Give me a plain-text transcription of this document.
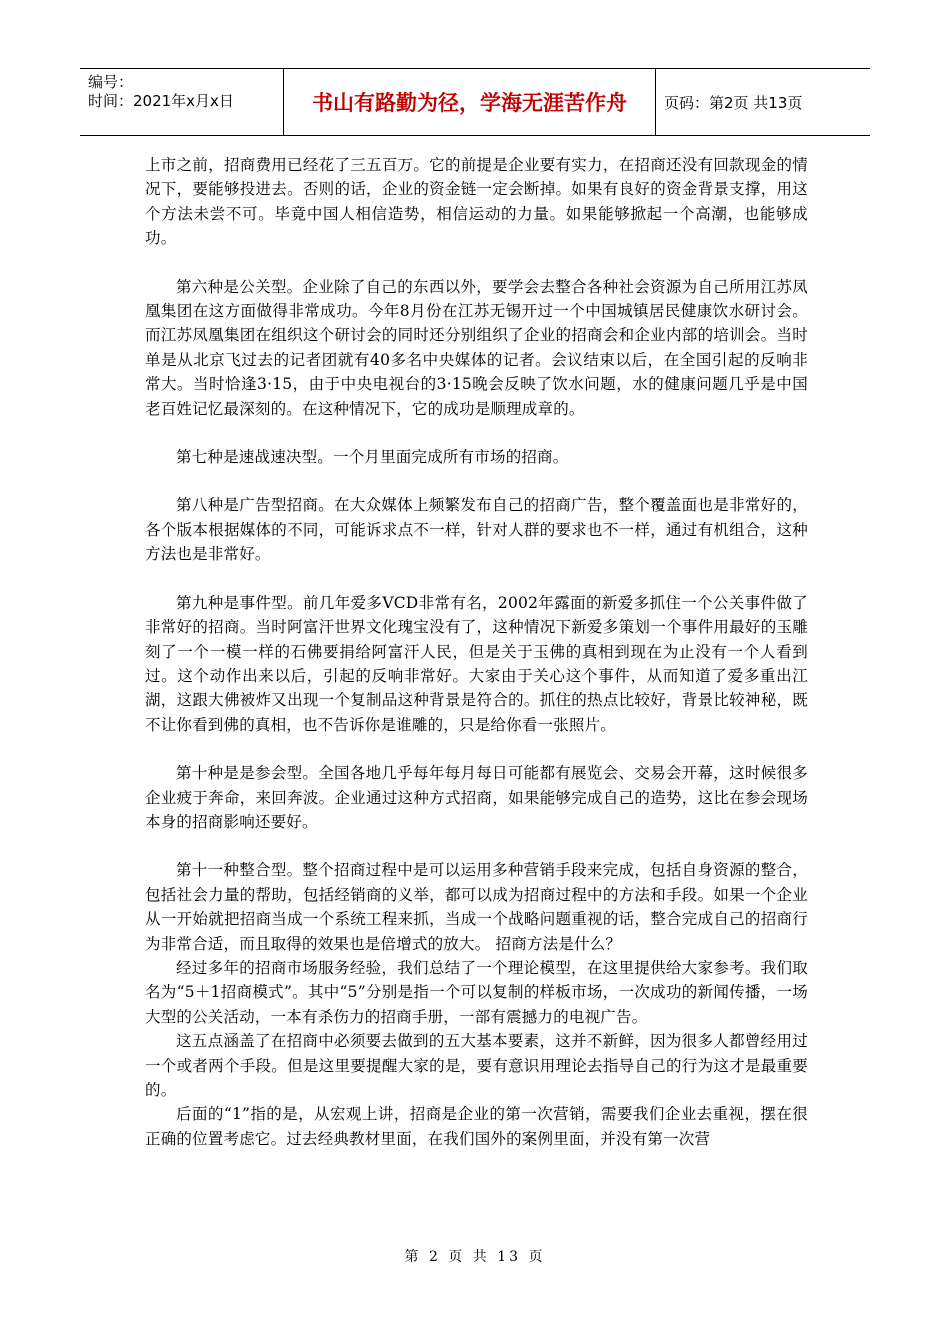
编号：
时间：2021年x月x日	书山有路勤为径，学海无涯苦作舟	页码：第2页 共13页

上市之前，招商费用已经花了三五百万。它的前提是企业要有实力，在招商还没有回款现金的情况下，要能够投进去。否则的话，企业的资金链一定会断掉。如果有良好的资金背景支撑，用这个方法未尝不可。毕竟中国人相信造势，相信运动的力量。如果能够掀起一个高潮，也能够成功。

第六种是公关型。企业除了自己的东西以外，要学会去整合各种社会资源为自己所用江苏凤凰集团在这方面做得非常成功。今年8月份在江苏无锡开过一个中国城镇居民健康饮水研讨会。而江苏凤凰集团在组织这个研讨会的同时还分别组织了企业的招商会和企业内部的培训会。当时单是从北京飞过去的记者团就有40多名中央媒体的记者。会议结束以后，在全国引起的反响非常大。当时恰逢3·15，由于中央电视台的3·15晚会反映了饮水问题，水的健康问题几乎是中国老百姓记忆最深刻的。在这种情况下，它的成功是顺理成章的。

第七种是速战速决型。一个月里面完成所有市场的招商。

第八种是广告型招商。在大众媒体上频繁发布自己的招商广告，整个覆盖面也是非常好的，各个版本根据媒体的不同，可能诉求点不一样，针对人群的要求也不一样，通过有机组合，这种方法也是非常好。

第九种是事件型。前几年爱多VCD非常有名，2002年露面的新爱多抓住一个公关事件做了非常好的招商。当时阿富汗世界文化瑰宝没有了，这种情况下新爱多策划一个事件用最好的玉雕刻了一个一模一样的石佛要捐给阿富汗人民，但是关于玉佛的真相到现在为止没有一个人看到过。这个动作出来以后，引起的反响非常好。大家由于关心这个事件，从而知道了爱多重出江湖，这跟大佛被炸又出现一个复制品这种背景是符合的。抓住的热点比较好，背景比较神秘，既不让你看到佛的真相，也不告诉你是谁雕的，只是给你看一张照片。

第十种是是参会型。全国各地几乎每年每月每日可能都有展览会、交易会开幕，这时候很多企业疲于奔命，来回奔波。企业通过这种方式招商，如果能够完成自己的造势，这比在参会现场本身的招商影响还要好。

第十一种整合型。整个招商过程中是可以运用多种营销手段来完成，包括自身资源的整合，包括社会力量的帮助，包括经销商的义举，都可以成为招商过程中的方法和手段。如果一个企业从一开始就把招商当成一个系统工程来抓，当成一个战略问题重视的话，整合完成自己的招商行为非常合适，而且取得的效果也是倍增式的放大。 招商方法是什么？

经过多年的招商市场服务经验，我们总结了一个理论模型，在这里提供给大家参考。我们取名为“5＋1招商模式”。其中“5”分别是指一个可以复制的样板市场，一次成功的新闻传播，一场大型的公关活动，一本有杀伤力的招商手册，一部有震撼力的电视广告。

这五点涵盖了在招商中必须要去做到的五大基本要素，这并不新鲜，因为很多人都曾经用过一个或者两个手段。但是这里要提醒大家的是，要有意识用理论去指导自己的行为这才是最重要的。

后面的“1”指的是，从宏观上讲，招商是企业的第一次营销，需要我们企业去重视，摆在很正确的位置考虑它。过去经典教材里面，在我们国外的案例里面，并没有第一次营

第 2 页 共 13 页
